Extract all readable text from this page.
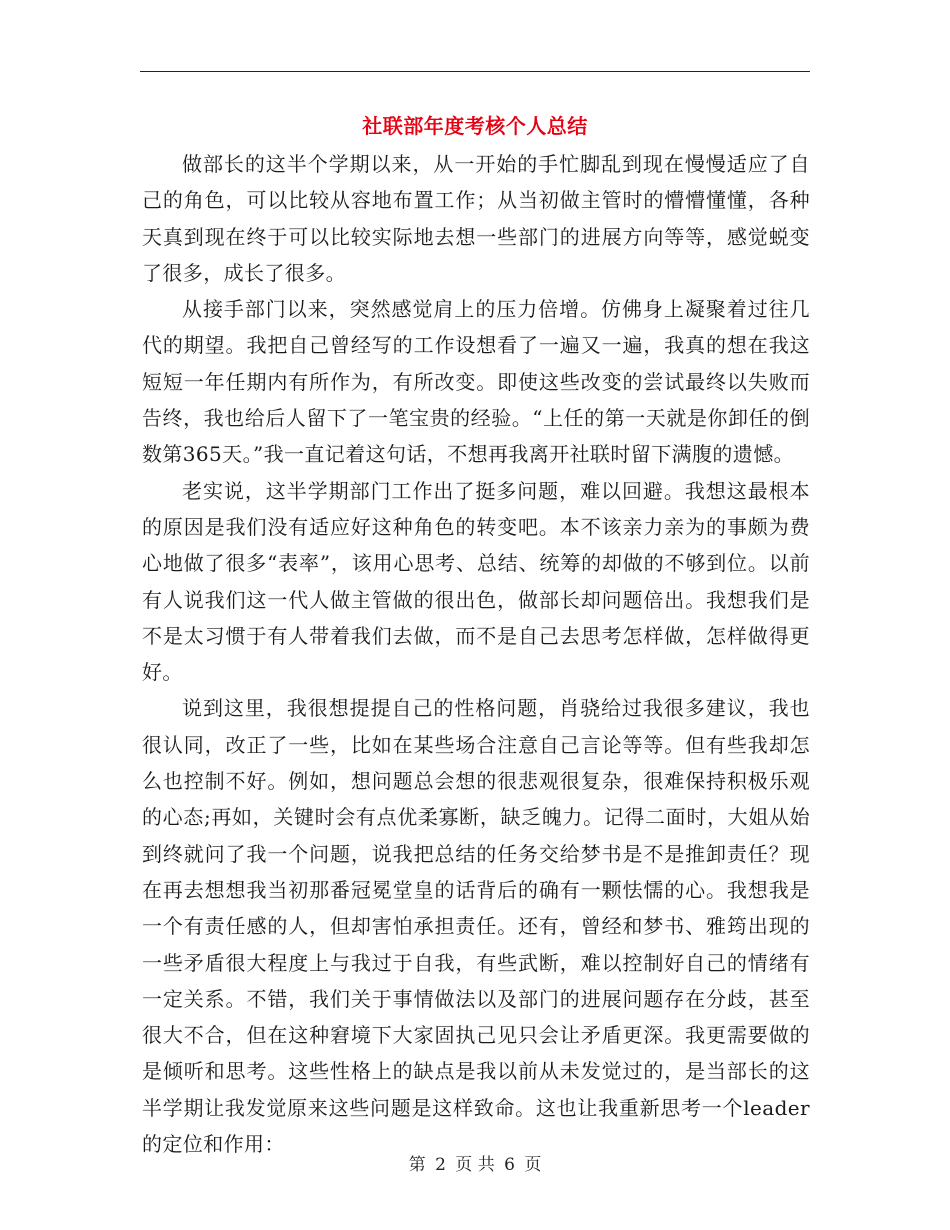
社联部年度考核个人总结

做部长的这半个学期以来，从一开始的手忙脚乱到现在慢慢适应了自己的角色，可以比较从容地布置工作；从当初做主管时的懵懵懂懂，各种天真到现在终于可以比较实际地去想一些部门的进展方向等等，感觉蜕变了很多，成长了很多。

从接手部门以来，突然感觉肩上的压力倍增。仿佛身上凝聚着过往几代的期望。我把自己曾经写的工作设想看了一遍又一遍，我真的想在我这短短一年任期内有所作为，有所改变。即使这些改变的尝试最终以失败而告终，我也给后人留下了一笔宝贵的经验。“上任的第一天就是你卸任的倒数第365天。”我一直记着这句话，不想再我离开社联时留下满腹的遗憾。

老实说，这半学期部门工作出了挺多问题，难以回避。我想这最根本的原因是我们没有适应好这种角色的转变吧。本不该亲力亲为的事颇为费心地做了很多“表率”，该用心思考、总结、统筹的却做的不够到位。以前有人说我们这一代人做主管做的很出色，做部长却问题倍出。我想我们是不是太习惯于有人带着我们去做，而不是自己去思考怎样做，怎样做得更好。

说到这里，我很想提提自己的性格问题，肖骁给过我很多建议，我也很认同，改正了一些，比如在某些场合注意自己言论等等。但有些我却怎么也控制不好。例如，想问题总会想的很悲观很复杂，很难保持积极乐观的心态;再如，关键时会有点优柔寡断，缺乏魄力。记得二面时，大姐从始到终就问了我一个问题，说我把总结的任务交给梦书是不是推卸责任？现在再去想想我当初那番冠冕堂皇的话背后的确有一颗怯懦的心。我想我是一个有责任感的人，但却害怕承担责任。还有，曾经和梦书、雅筠出现的一些矛盾很大程度上与我过于自我，有些武断，难以控制好自己的情绪有一定关系。不错，我们关于事情做法以及部门的进展问题存在分歧，甚至很大不合，但在这种窘境下大家固执己见只会让矛盾更深。我更需要做的是倾听和思考。这些性格上的缺点是我以前从未发觉过的，是当部长的这半学期让我发觉原来这些问题是这样致命。这也让我重新思考一个leader的定位和作用：

第 2 页 共 6 页
